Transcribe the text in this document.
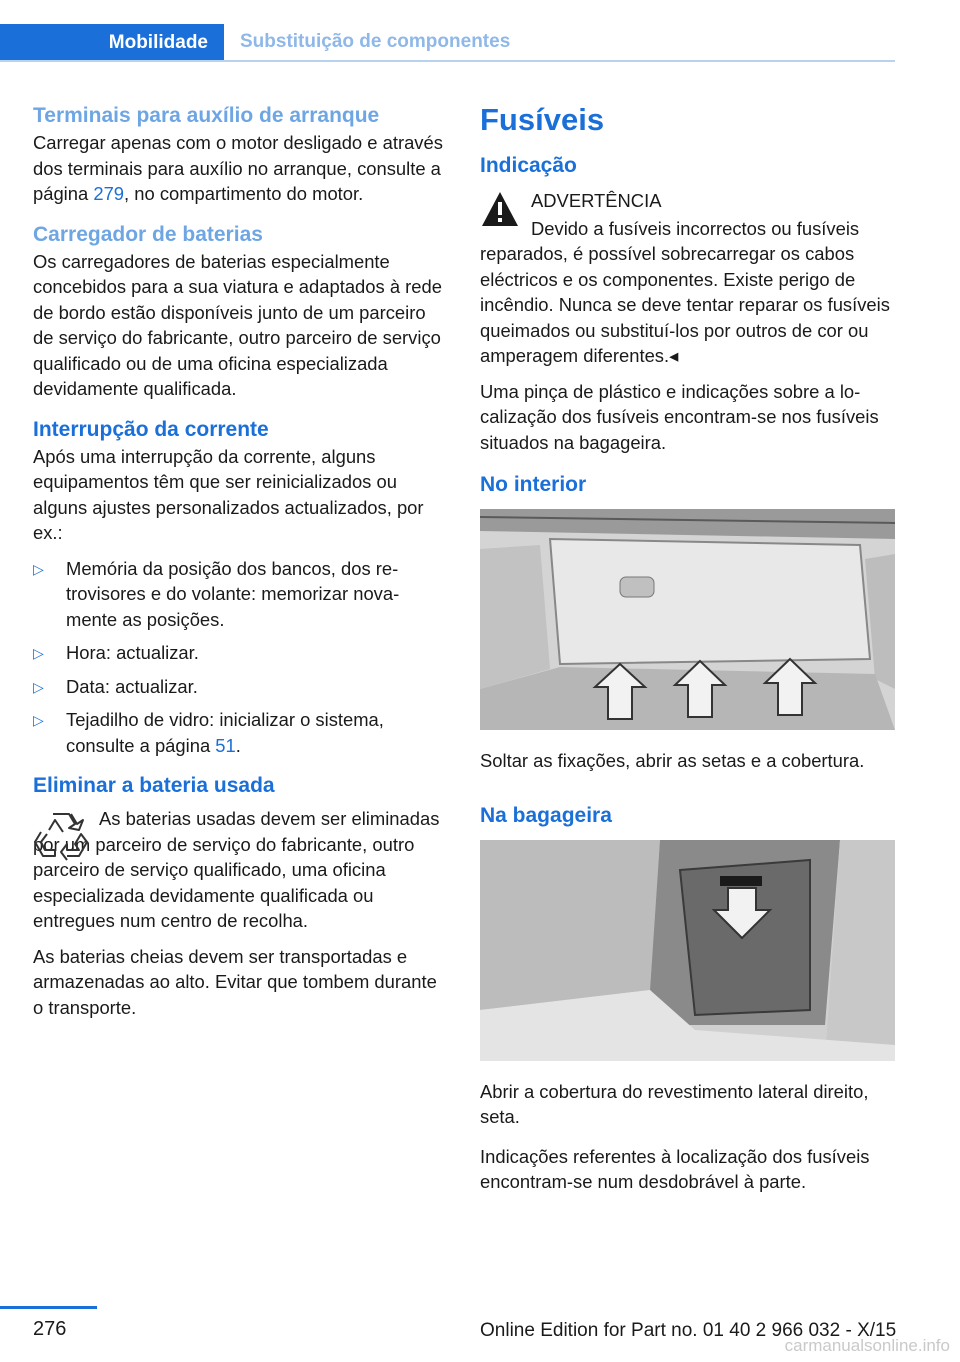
Mobilidade	Substituição de componentes
Terminais para auxílio de arranque

Carregar apenas com o motor desligado e através dos terminais para auxílio no arranque, consulte a página 279, no compartimento do motor.

Carregador de baterias

Os carregadores de baterias especialmente concebidos para a sua viatura e adaptados à rede de bordo estão disponíveis junto de um parceiro de serviço do fabricante, outro parceiro de serviço qualificado ou de uma oficina especializada devidamente qualificada.

Interrupção da corrente

Após uma interrupção da corrente, alguns equipamentos têm que ser reinicializados ou alguns ajustes personalizados actualizados, por ex.:

▷ Memória da posição dos bancos, dos retrovisores e do volante: memorizar novamente as posições.
▷ Hora: actualizar.
▷ Data: actualizar.
▷ Tejadilho de vidro: inicializar o sistema, consulte a página 51.
Eliminar a bateria usada

As baterias usadas devem ser eliminadas por um parceiro de serviço do fabricante, outro parceiro de serviço qualificado, uma oficina especializada devidamente qualificada ou entregues num centro de recolha.

As baterias cheias devem ser transportadas e armazenadas ao alto. Evitar que tombem durante o transporte.

Fusíveis
Indicação

ADVERTÊNCIA

Devido a fusíveis incorrectos ou fusíveis reparados, é possível sobrecarregar os cabos eléctricos e os componentes. Existe perigo de incêndio. Nunca se deve tentar reparar os fusíveis queimados ou substituí-los por outros de cor ou amperagem diferentes.◂

Uma pinça de plástico e indicações sobre a localização dos fusíveis encontram-se nos fusíveis situados na bagageira.

No interior

Soltar as fixações, abrir as setas e a cobertura.

Na bagageira

Abrir a cobertura do revestimento lateral direito, seta.

Indicações referentes à localização dos fusíveis encontram-se num desdobrável à parte.

276	Online Edition for Part no. 01 40 2 966 032 - X/15
carmanualsonline.info
